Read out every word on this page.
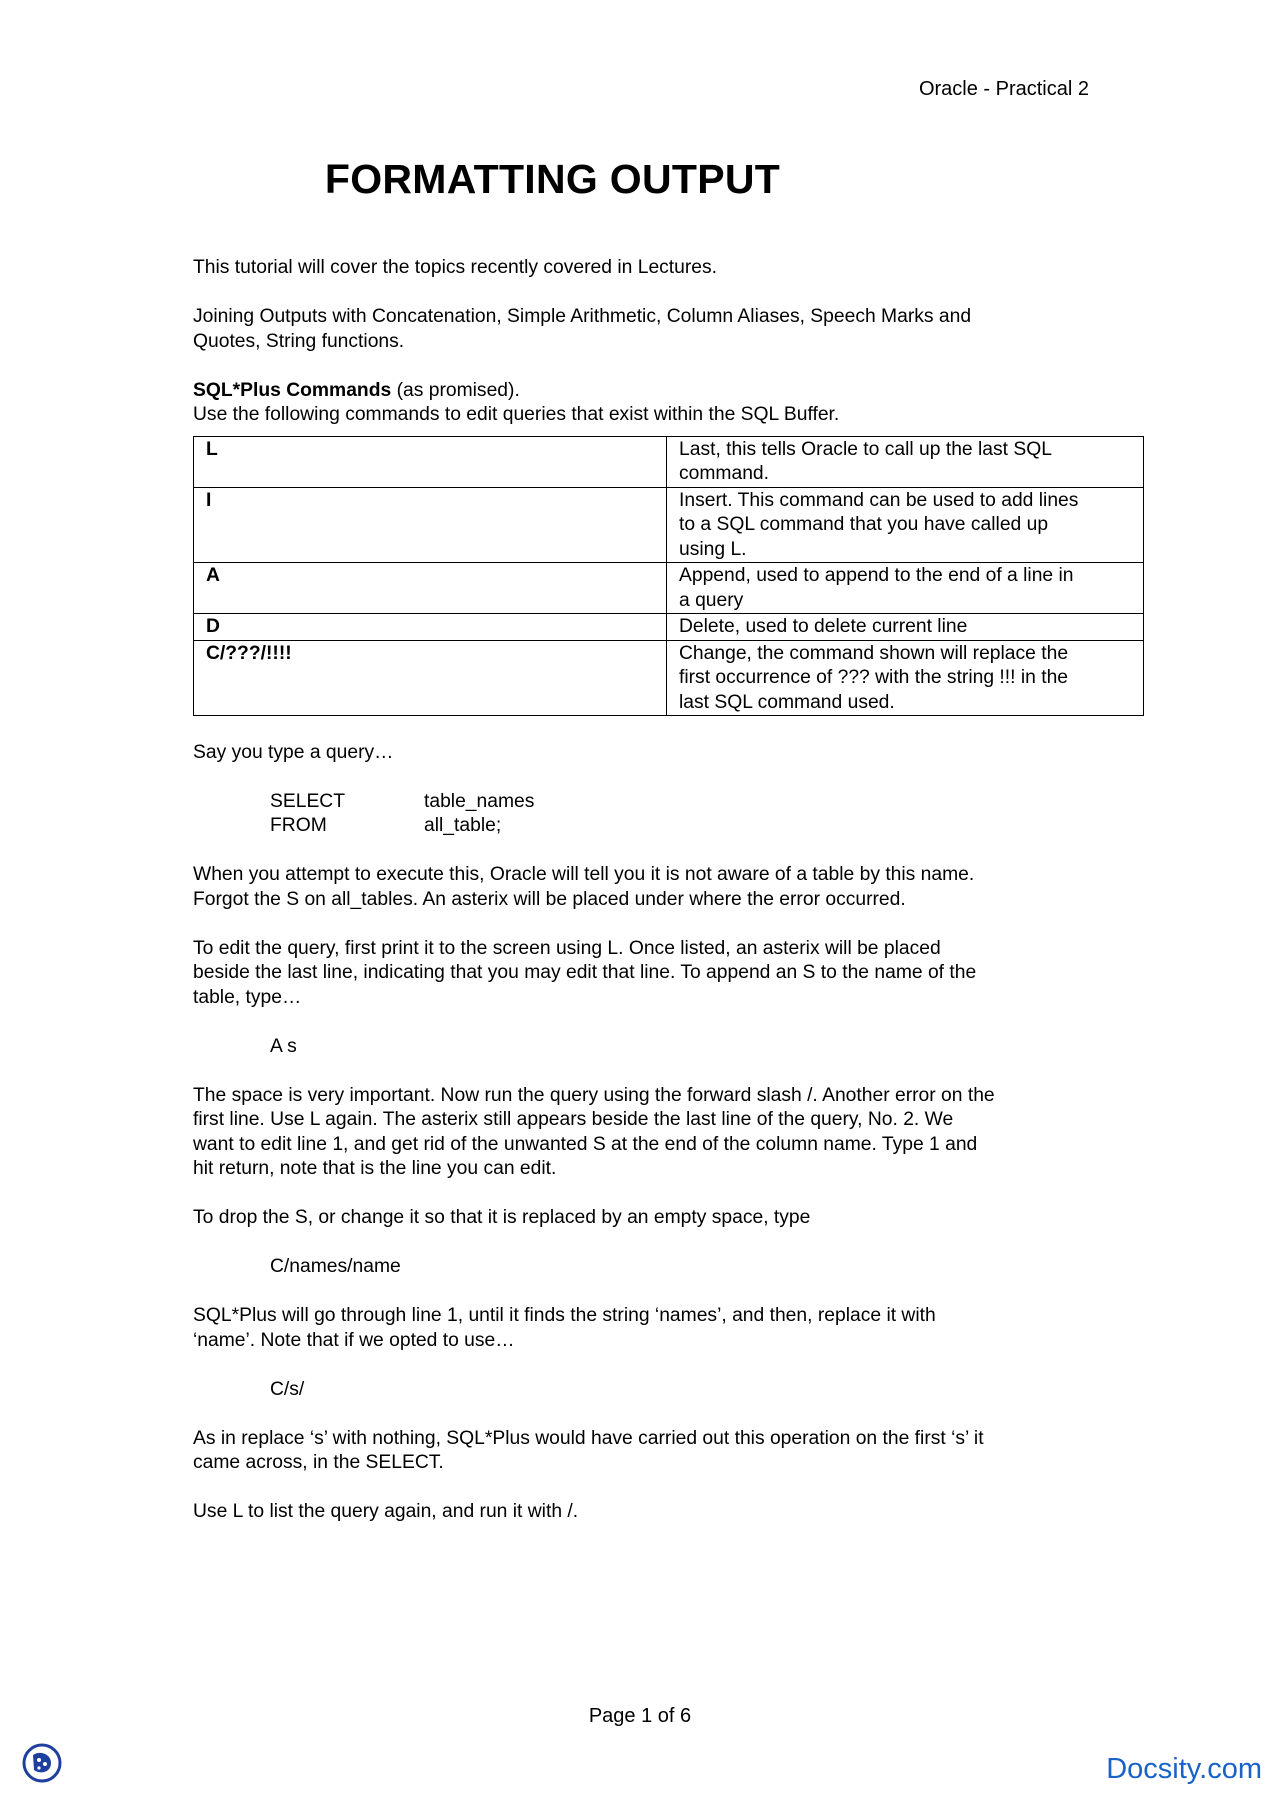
Oracle - Practical 2
FORMATTING OUTPUT

This tutorial will cover the topics recently covered in Lectures.

Joining Outputs with Concatenation, Simple Arithmetic, Column Aliases, Speech Marks and
Quotes, String functions.

SQL*Plus Commands (as promised).

Use the following commands to edit queries that exist within the SQL Buffer.

L	Last, this tells Oracle to call up the last SQL
command.
I	Insert. This command can be used to add lines
to a SQL command that you have called up
using L.
A	Append, used to append to the end of a line in
a query
D	Delete, used to delete current line
C/???/!!!!	Change, the command shown will replace the
first occurrence of ??? with the string !!! in the
last SQL command used.

Say you type a query…

SELECT	table_names
FROM	all_table;

When you attempt to execute this, Oracle will tell you it is not aware of a table by this name.
Forgot the S on all_tables. An asterix will be placed under where the error occurred.

To edit the query, first print it to the screen using L. Once listed, an asterix will be placed
beside the last line, indicating that you may edit that line. To append an S to the name of the
table, type…

A s

The space is very important. Now run the query using the forward slash /. Another error on the
first line. Use L again. The asterix still appears beside the last line of the query, No. 2. We
want to edit line 1, and get rid of the unwanted S at the end of the column name. Type 1 and
hit return, note that is the line you can edit.

To drop the S, or change it so that it is replaced by an empty space, type

C/names/name

SQL*Plus will go through line 1, until it finds the string ‘names’, and then, replace it with
‘name’. Note that if we opted to use…

C/s/

As in replace ‘s’ with nothing, SQL*Plus would have carried out this operation on the first ‘s’ it
came across, in the SELECT.

Use L to list the query again, and run it with /.

Page 1 of 6
Docsity.com
